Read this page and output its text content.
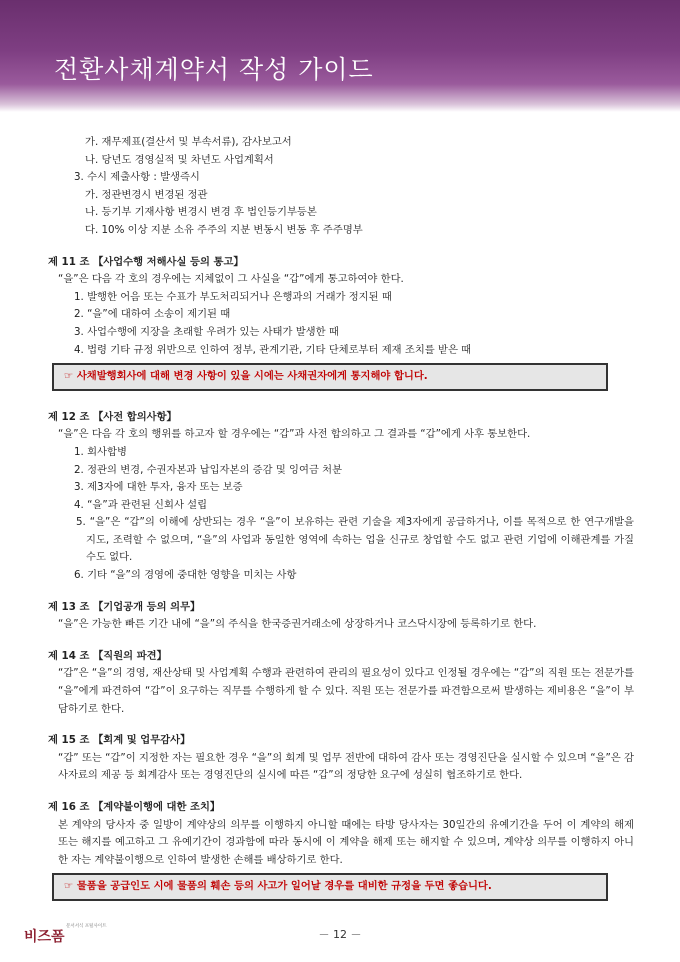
전환사채계약서 작성 가이드
가. 재무제표(결산서 및 부속서류), 감사보고서
나. 당년도 경영실적 및 차년도 사업계획서
3. 수시 제출사항 : 발생즉시
가. 정관변경시 변경된 정관
나. 등기부 기재사항 변경시 변경 후 법인등기부등본
다. 10% 이상 지분 소유 주주의 지분 변동시 변동 후 주주명부
제 11 조 【사업수행 저해사실 등의 통고】
“을”은 다음 각 호의 경우에는 지체없이 그 사실을 “갑”에게 통고하여야 한다.
1. 발행한 어음 또는 수표가 부도처리되거나 은행과의 거래가 정지된 때
2. “을”에 대하여 소송이 제기된 때
3. 사업수행에 지장을 초래할 우려가 있는 사태가 발생한 때
4. 법령 기타 규정 위반으로 인하여 정부, 관계기관, 기타 단체로부터 제재 조치를 받은 때
☞ 사채발행회사에 대해 변경 사항이 있을 시에는 사채권자에게 통지해야 합니다.
제 12 조 【사전 합의사항】
“을”은 다음 각 호의 행위를 하고자 할 경우에는 “갑”과 사전 합의하고 그 결과를 “갑”에게 사후 통보한다.
1. 회사합병
2. 정관의 변경, 수권자본과 납입자본의 증감 및 잉여금 처분
3. 제3자에 대한 투자, 융자 또는 보증
4. “을”과 관련된 신회사 설립
5. “을”은 “갑”의 이해에 상반되는 경우 “을”이 보유하는 관련 기술을 제3자에게 공급하거나, 이를 목적으로 한 연구개발을 지도, 조력할 수 없으며, “을”의 사업과 동일한 영역에 속하는 업을 신규로 창업할 수도 없고 관련 기업에 이해관계를 가질 수도 없다.
6. 기타 “을”의 경영에 중대한 영향을 미치는 사항
제 13 조 【기업공개 등의 의무】
“을”은 가능한 빠른 기간 내에 “을”의 주식을 한국증권거래소에 상장하거나 코스닥시장에 등록하기로 한다.
제 14 조 【직원의 파견】
“갑”은 “을”의 경영, 재산상태 및 사업계획 수행과 관련하여 관리의 필요성이 있다고 인정될 경우에는 “갑”의 직원 또는 전문가를 “을”에게 파견하여 “갑”이 요구하는 직무를 수행하게 할 수 있다. 직원 또는 전문가를 파견함으로써 발생하는 제비용은 “을”이 부담하기로 한다.
제 15 조 【회계 및 업무감사】
“갑” 또는 “갑”이 지정한 자는 필요한 경우 “을”의 회계 및 업무 전반에 대하여 감사 또는 경영진단을 실시할 수 있으며 “을”은 감사자료의 제공 등 회계감사 또는 경영진단의 실시에 따른 “갑”의 정당한 요구에 성실히 협조하기로 한다.
제 16 조 【계약불이행에 대한 조치】
본 계약의 당사자 중 일방이 계약상의 의무를 이행하지 아니할 때에는 타방 당사자는 30일간의 유예기간을 두어 이 계약의 해제 또는 해지를 예고하고 그 유예기간이 경과함에 따라 동시에 이 계약을 해제 또는 해지할 수 있으며, 계약상 의무를 이행하지 아니한 자는 계약불이행으로 인하여 발생한 손해를 배상하기로 한다.
☞ 물품을 공급인도 시에 물품의 훼손 등의 사고가 일어날 경우를 대비한 규정을 두면 좋습니다.
비즈폼
문서서식 포털사이트
－ 12 －
